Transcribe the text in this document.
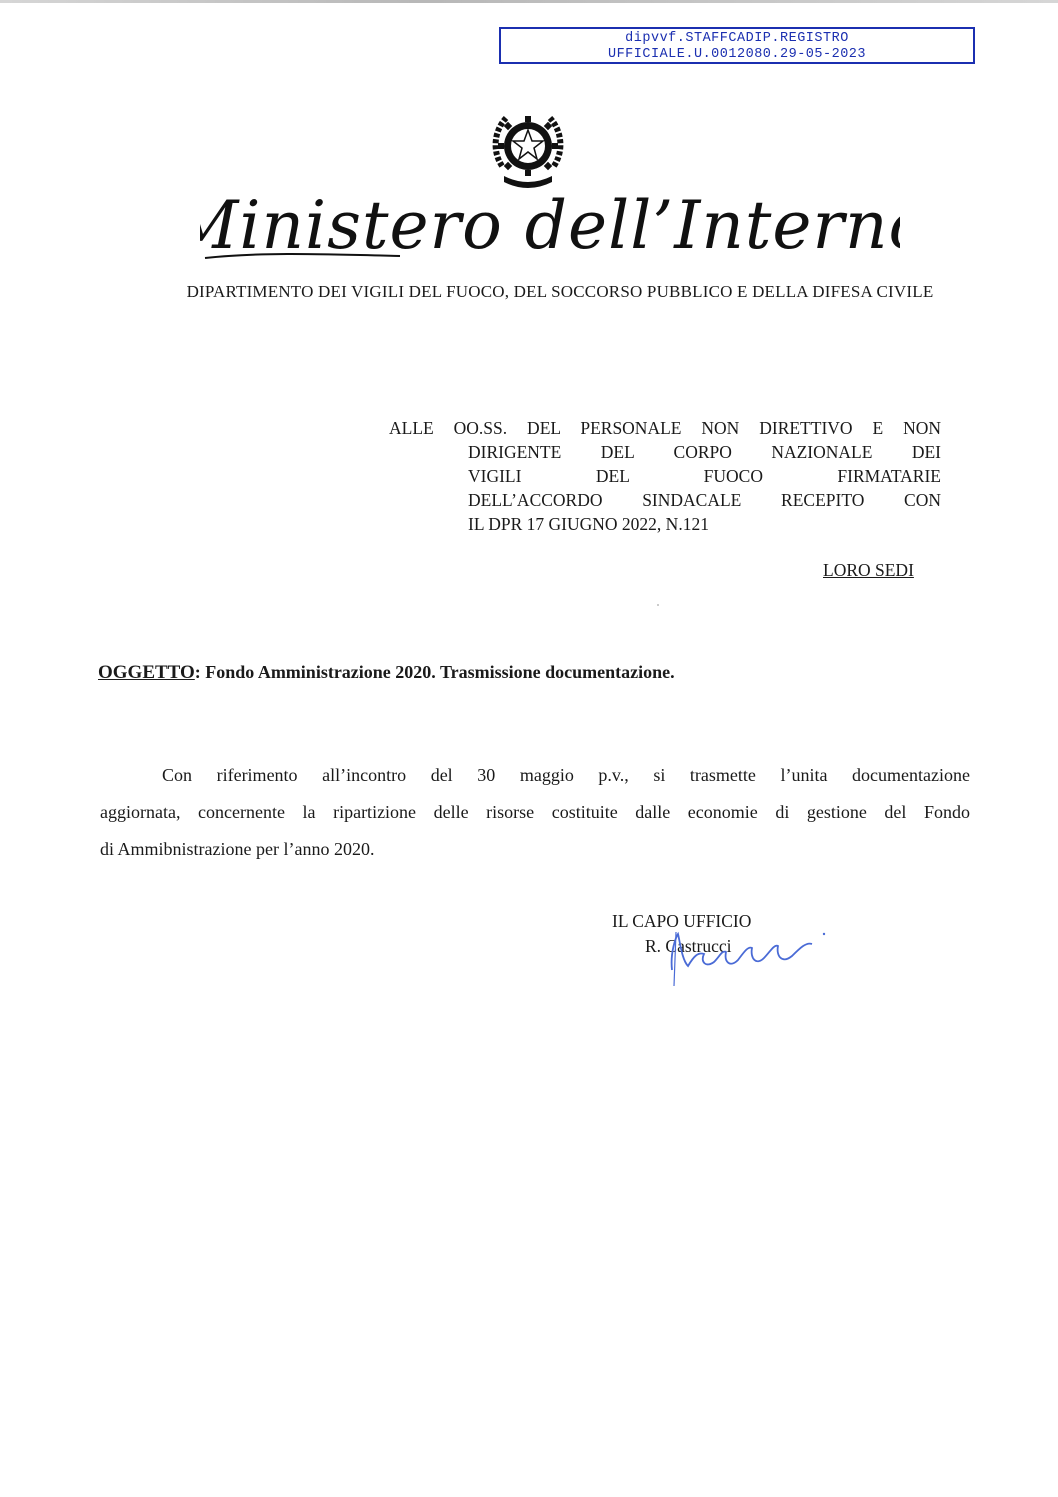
dipvvf.STAFFCADIP.REGISTRO
UFFICIALE.U.0012080.29-05-2023
Ministero dell’Interno
DIPARTIMENTO DEI VIGILI DEL FUOCO, DEL SOCCORSO PUBBLICO E DELLA DIFESA CIVILE
ALLE OO.SS. DEL PERSONALE NON DIRETTIVO E NON
DIRIGENTE DEL CORPO NAZIONALE DEI
VIGILI DEL FUOCO FIRMATARIE
DELL’ACCORDO SINDACALE RECEPITO CON
IL DPR 17 GIUGNO 2022, N.121
LORO SEDI
OGGETTO: Fondo Amministrazione 2020. Trasmissione documentazione.
Con riferimento all’incontro del 30 maggio p.v., si trasmette l’unita documentazione
aggiornata, concernente la ripartizione delle risorse costituite dalle economie di gestione del Fondo
di Ammibnistrazione per l’anno 2020.
IL CAPO UFFICIO
R. Castrucci
